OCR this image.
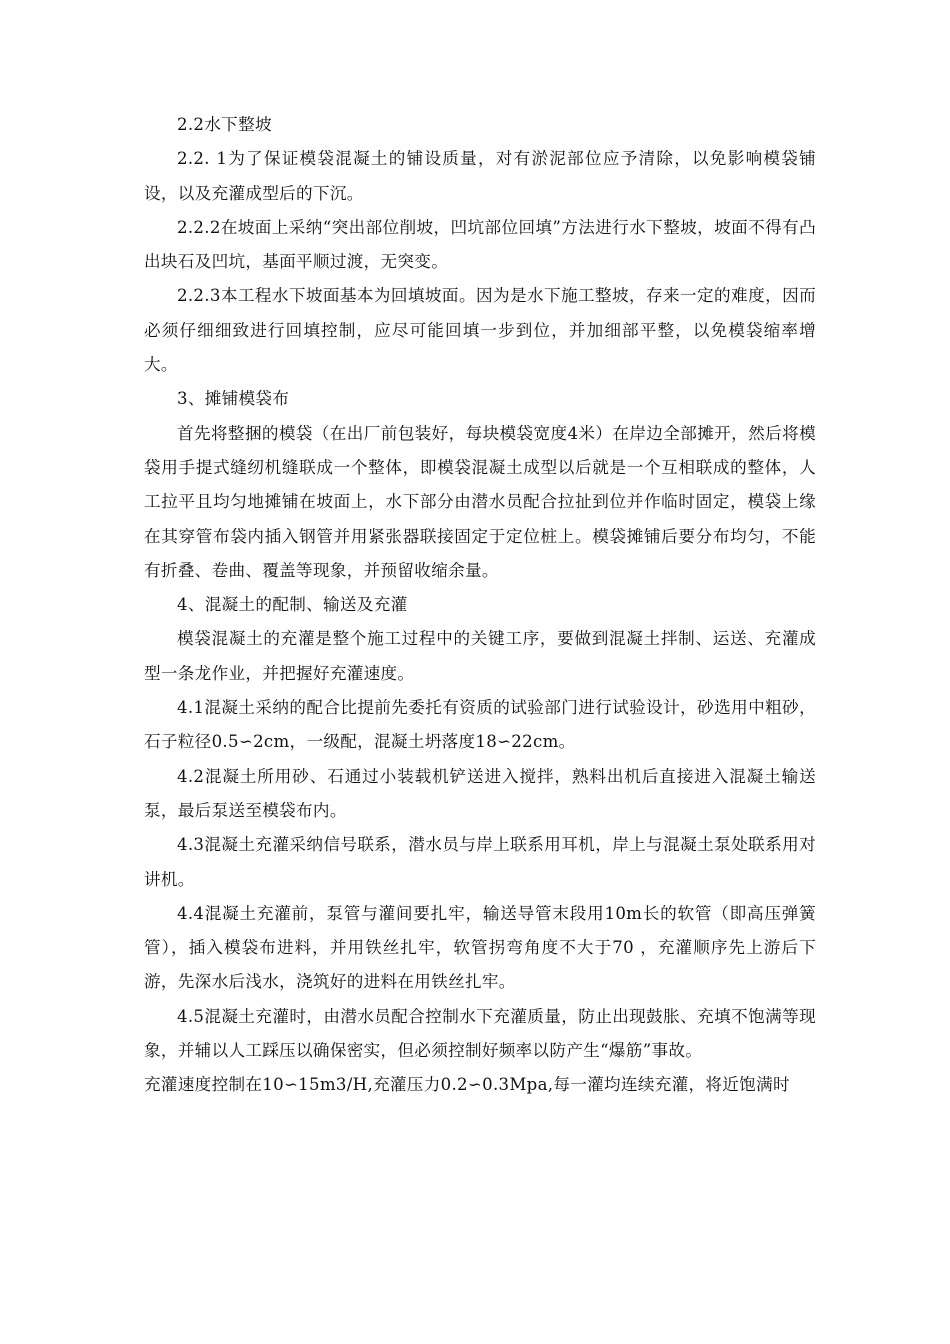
2.2水下整坡

2.2. 1为了保证模袋混凝土的铺设质量，对有淤泥部位应予清除，以免影响模袋铺设，以及充灌成型后的下沉。

2.2.2在坡面上采纳“突出部位削坡，凹坑部位回填”方法进行水下整坡，坡面不得有凸出块石及凹坑，基面平顺过渡，无突变。

2.2.3本工程水下坡面基本为回填坡面。因为是水下施工整坡，存来一定的难度，因而必须仔细细致进行回填控制，应尽可能回填一步到位，并加细部平整，以免模袋缩率增大。

3、摊铺模袋布

首先将整捆的模袋（在出厂前包装好，每块模袋宽度4米）在岸边全部摊开，然后将模袋用手提式缝纫机缝联成一个整体，即模袋混凝土成型以后就是一个互相联成的整体，人工拉平且均匀地摊铺在坡面上，水下部分由潜水员配合拉扯到位并作临时固定，模袋上缘在其穿管布袋内插入钢管并用紧张器联接固定于定位桩上。模袋摊铺后要分布均匀，不能有折叠、卷曲、覆盖等现象，并预留收缩余量。

4、混凝土的配制、输送及充灌

模袋混凝土的充灌是整个施工过程中的关键工序，要做到混凝土拌制、运送、充灌成型一条龙作业，并把握好充灌速度。

4.1混凝土采纳的配合比提前先委托有资质的试验部门进行试验设计，砂选用中粗砂，石子粒径0.5∽2cm，一级配，混凝土坍落度18∽22cm。

4.2混凝土所用砂、石通过小装载机铲送进入搅拌，熟料出机后直接进入混凝土输送泵，最后泵送至模袋布内。

4.3混凝土充灌采纳信号联系，潜水员与岸上联系用耳机，岸上与混凝土泵处联系用对讲机。

4.4混凝土充灌前，泵管与灌间要扎牢，输送导管末段用10m长的软管（即高压弹簧管），插入模袋布进料，并用铁丝扎牢，软管拐弯角度不大于70 ，充灌顺序先上游后下游，先深水后浅水，浇筑好的进料在用铁丝扎牢。

4.5混凝土充灌时，由潜水员配合控制水下充灌质量，防止出现鼓胀、充填不饱满等现象，并辅以人工踩压以确保密实，但必须控制好频率以防产生“爆筋”事故。

充灌速度控制在10∽15m3/H,充灌压力0.2∽0.3Mpa,每一灌均连续充灌，将近饱满时
